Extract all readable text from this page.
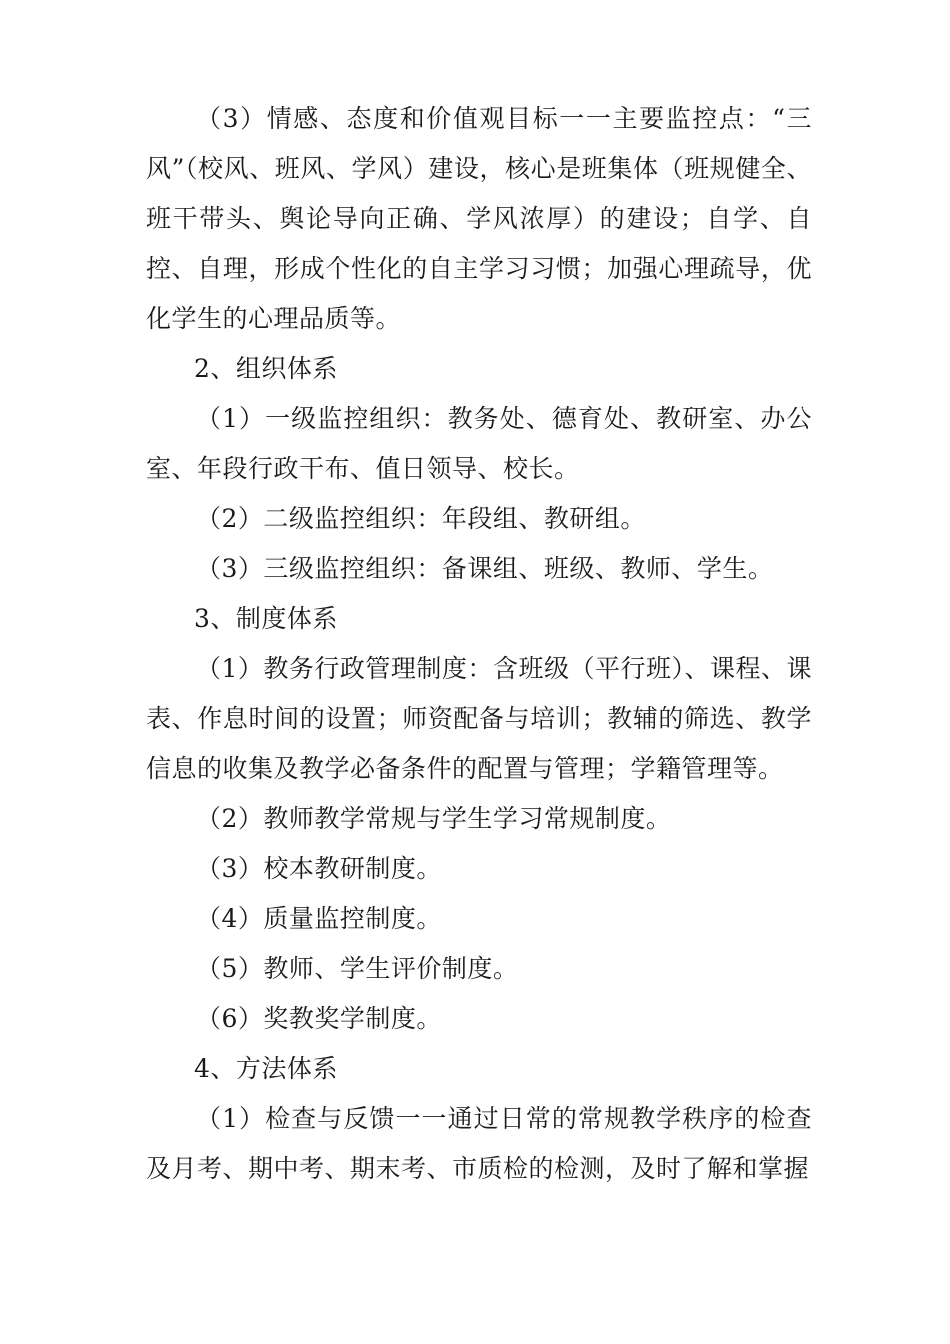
（3）情感、态度和价值观目标一一主要监控点：“三风”（校风、班风、学风）建设，核心是班集体（班规健全、班干带头、舆论导向正确、学风浓厚）的建设；自学、自控、自理，形成个性化的自主学习习惯；加强心理疏导，优化学生的心理品质等。

2、组织体系

（1）一级监控组织：教务处、德育处、教研室、办公室、年段行政干布、值日领导、校长。

（2）二级监控组织：年段组、教研组。

（3）三级监控组织：备课组、班级、教师、学生。

3、制度体系

（1）教务行政管理制度：含班级（平行班）、课程、课表、作息时间的设置；师资配备与培训；教辅的筛选、教学信息的收集及教学必备条件的配置与管理；学籍管理等。

（2）教师教学常规与学生学习常规制度。

（3）校本教研制度。

（4）质量监控制度。

（5）教师、学生评价制度。

（6）奖教奖学制度。

4、方法体系

（1）检查与反馈一一通过日常的常规教学秩序的检查及月考、期中考、期末考、市质检的检测，及时了解和掌握
